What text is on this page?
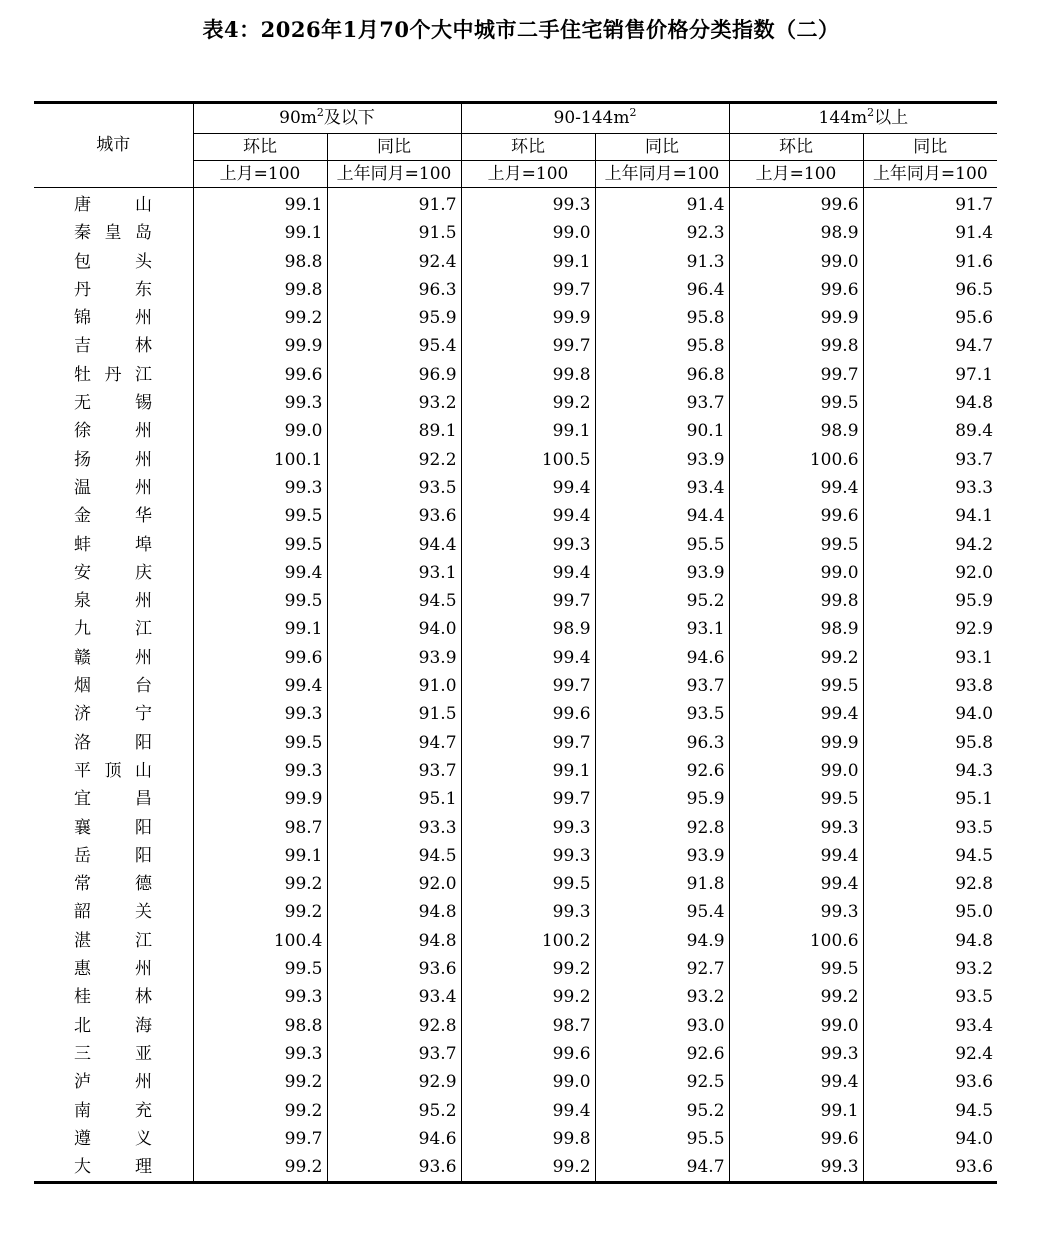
表4：2026年1月70个大中城市二手住宅销售价格分类指数（二）
城市	$90m^2$及以下		$90-144m^2$		$144m^2$以上	
	环比	同比	环比	同比	环比	同比
	上月=100	上年同月=100	上月=100	上年同月=100	上月=100	上年同月=100

唐 山	99.1	91.7	99.3	91.4	99.6	91.7

秦 皇 岛	99.1	91.5	99.0	92.3	98.9	91.4

包 头	98.8	92.4	99.1	91.3	99.0	91.6

丹 东	99.8	96.3	99.7	96.4	99.6	96.5

锦 州	99.2	95.9	99.9	95.8	99.9	95.6

吉 林	99.9	95.4	99.7	95.8	99.8	94.7

牡 丹 江	99.6	96.9	99.8	96.8	99.7	97.1

无 锡	99.3	93.2	99.2	93.7	99.5	94.8

徐 州	99.0	89.1	99.1	90.1	98.9	89.4

扬 州	100.1	92.2	100.5	93.9	100.6	93.7

温 州	99.3	93.5	99.4	93.4	99.4	93.3

金 华	99.5	93.6	99.4	94.4	99.6	94.1

蚌 埠	99.5	94.4	99.3	95.5	99.5	94.2

安 庆	99.4	93.1	99.4	93.9	99.0	92.0

泉 州	99.5	94.5	99.7	95.2	99.8	95.9

九 江	99.1	94.0	98.9	93.1	98.9	92.9

赣 州	99.6	93.9	99.4	94.6	99.2	93.1

烟 台	99.4	91.0	99.7	93.7	99.5	93.8

济 宁	99.3	91.5	99.6	93.5	99.4	94.0

洛 阳	99.5	94.7	99.7	96.3	99.9	95.8

平 顶 山	99.3	93.7	99.1	92.6	99.0	94.3

宜 昌	99.9	95.1	99.7	95.9	99.5	95.1

襄 阳	98.7	93.3	99.3	92.8	99.3	93.5

岳 阳	99.1	94.5	99.3	93.9	99.4	94.5

常 德	99.2	92.0	99.5	91.8	99.4	92.8

韶 关	99.2	94.8	99.3	95.4	99.3	95.0

湛 江	100.4	94.8	100.2	94.9	100.6	94.8

惠 州	99.5	93.6	99.2	92.7	99.5	93.2

桂 林	99.3	93.4	99.2	93.2	99.2	93.5

北 海	98.8	92.8	98.7	93.0	99.0	93.4

三 亚	99.3	93.7	99.6	92.6	99.3	92.4

泸 州	99.2	92.9	99.0	92.5	99.4	93.6

南 充	99.2	95.2	99.4	95.2	99.1	94.5

遵 义	99.7	94.6	99.8	95.5	99.6	94.0

大 理	99.2	93.6	99.2	94.7	99.3	93.6
